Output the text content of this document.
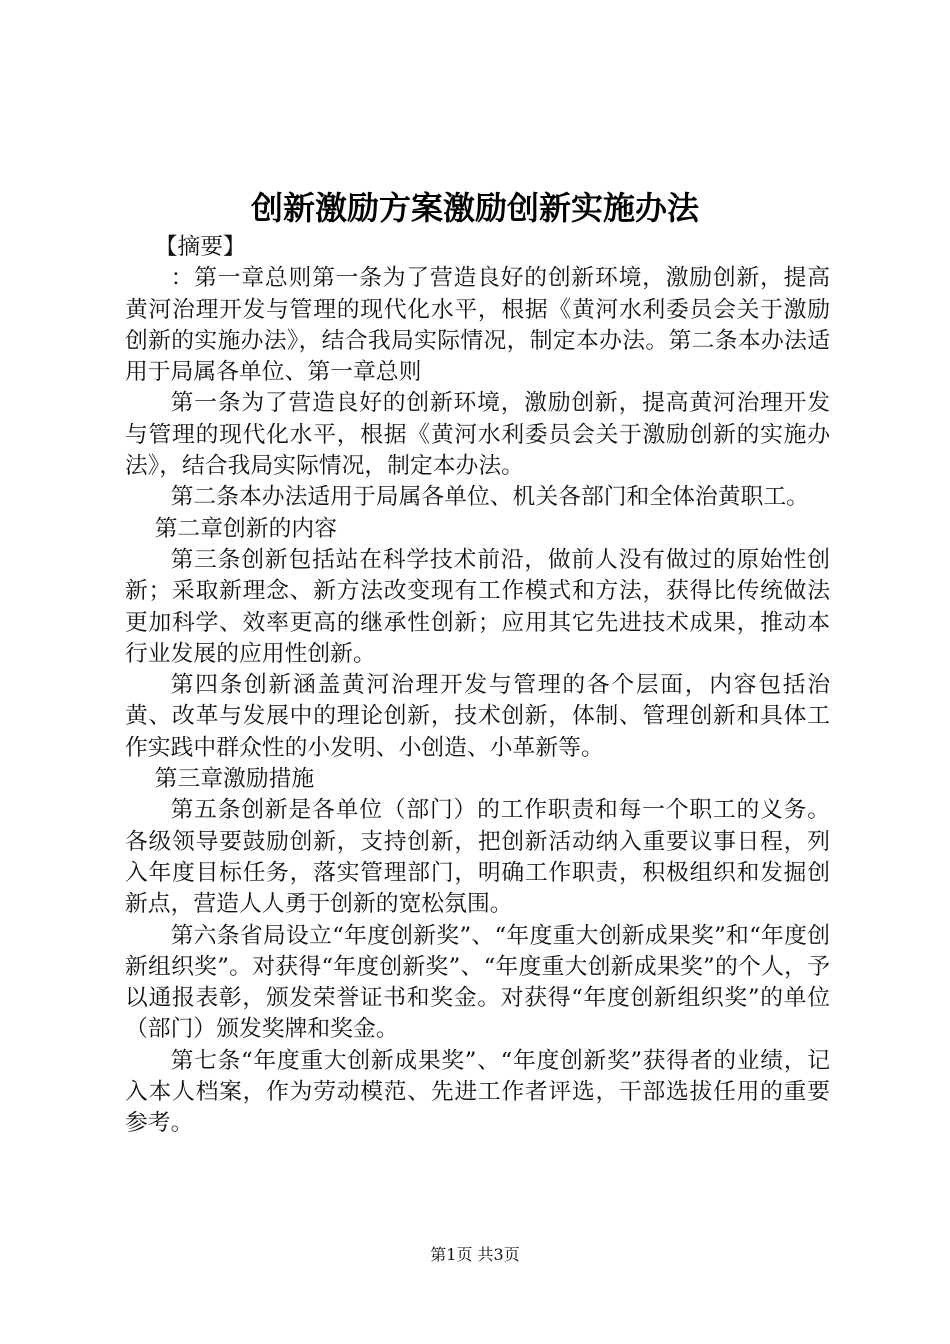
创新激励方案激励创新实施办法

【摘要】

：第一章总则第一条为了营造良好的创新环境，激励创新，提高黄河治理开发与管理的现代化水平，根据《黄河水利委员会关于激励创新的实施办法》，结合我局实际情况，制定本办法。第二条本办法适用于局属各单位、第一章总则

第一条为了营造良好的创新环境，激励创新，提高黄河治理开发与管理的现代化水平，根据《黄河水利委员会关于激励创新的实施办法》，结合我局实际情况，制定本办法。

第二条本办法适用于局属各单位、机关各部门和全体治黄职工。

第二章创新的内容

第三条创新包括站在科学技术前沿，做前人没有做过的原始性创新；采取新理念、新方法改变现有工作模式和方法，获得比传统做法更加科学、效率更高的继承性创新；应用其它先进技术成果，推动本行业发展的应用性创新。

第四条创新涵盖黄河治理开发与管理的各个层面，内容包括治黄、改革与发展中的理论创新，技术创新，体制、管理创新和具体工作实践中群众性的小发明、小创造、小革新等。

第三章激励措施

第五条创新是各单位（部门）的工作职责和每一个职工的义务。各级领导要鼓励创新，支持创新，把创新活动纳入重要议事日程，列入年度目标任务，落实管理部门，明确工作职责，积极组织和发掘创新点，营造人人勇于创新的宽松氛围。

第六条省局设立“年度创新奖”、“年度重大创新成果奖”和“年度创新组织奖”。对获得“年度创新奖”、“年度重大创新成果奖”的个人，予以通报表彰，颁发荣誉证书和奖金。对获得“年度创新组织奖”的单位（部门）颁发奖牌和奖金。

第七条“年度重大创新成果奖”、“年度创新奖”获得者的业绩，记入本人档案，作为劳动模范、先进工作者评选，干部选拔任用的重要参考。

第1页 共3页
